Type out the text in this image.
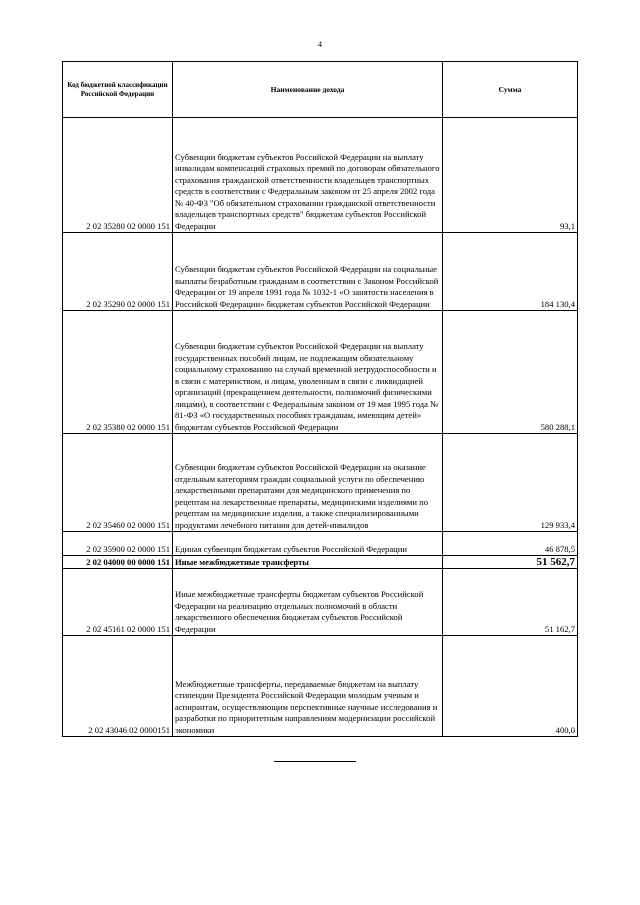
4
Код бюджетной классификации Российской Федерации	Наименование дохода	Сумма
2 02 35280 02 0000 151	Субвенции бюджетам субъектов Российской Федерации на выплату инвалидам компенсаций страховых премий по договорам обязательного страхования гражданской ответственности владельцев транспортных средств в соответствии с Федеральным законом от 25 апреля 2002 года № 40-ФЗ "Об обязательном страховании гражданской ответственности владельцев транспортных средств" бюджетам субъектов Российской Федерации	93,1
2 02 35290 02 0000 151	Субвенции бюджетам субъектов Российской Федерации на социальные выплаты безработным гражданам в соответствии с Законом Российской Федерации от 19 апреля 1991 года № 1032-1 «О занятости населения в Российской Федерации» бюджетам субъектов Российской Федерации	184 130,4
2 02 35380 02 0000 151	Субвенции бюджетам субъектов Российской Федерации на выплату государственных пособий лицам, не подлежащим обязательному социальному страхованию на случай временной нетрудоспособности и в связи с материнством, и лицам, уволенным в связи с ликвидацией организаций (прекращением деятельности, полномочий физическими лицами), в соответствии с Федеральным законом от 19 мая 1995 года № 81-ФЗ «О государственных пособиях гражданам, имеющим детей» бюджетам субъектов Российской Федерации	580 288,1
2 02 35460 02 0000 151	Субвенции бюджетам субъектов Российской Федерации на оказание отдельным категориям граждан социальной услуги по обеспечению лекарственными препаратами для медицинского применения по рецептам на лекарственные препараты, медицинскими изделиями по рецептам на медицинские изделия, а также специализированными продуктами лечебного питания для детей-инвалидов	129 933,4
2 02 35900 02 0000 151	Единая субвенция бюджетам субъектов Российской Федерации	46 878,5
2 02 04000 00 0000 151	Иные межбюджетные трансферты	51 562,7
2 02 45161 02 0000 151	Иные межбюджетные трансферты бюджетам субъектов Российской Федерации на реализацию отдельных полномочий в области лекарственного обеспечения бюджетам субъектов Российской Федерации	51 162,7
2 02 43046 02 0000151	Межбюджетные трансферты, передаваемые бюджетам на выплату стипендии Президента Российской Федерации молодым ученым и аспирантам, осуществляющим перспективные научные исследования и разработки по приоритетным направлениям модернизации российской экономики	400,0
